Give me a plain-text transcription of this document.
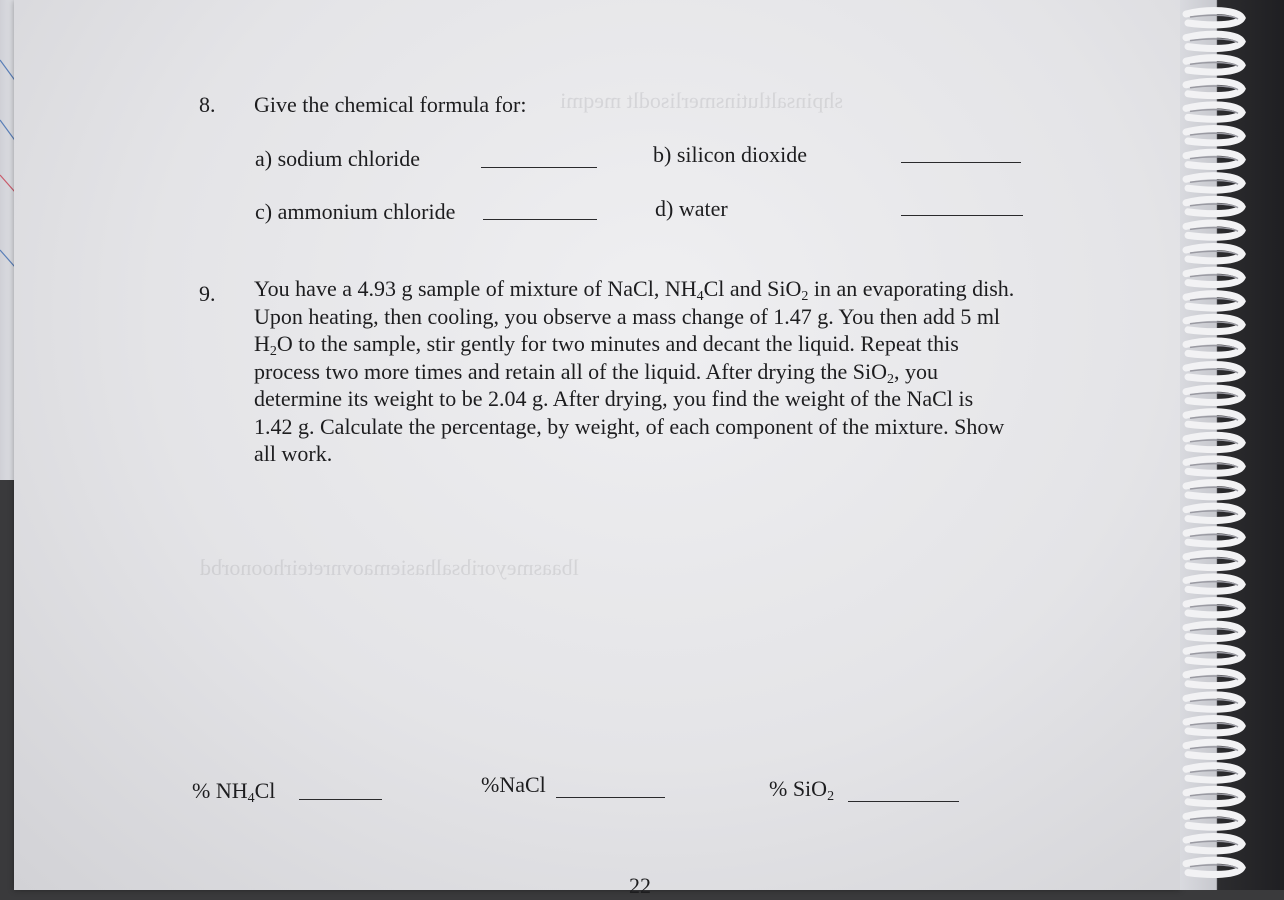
shpinsaltlutinsmerlisodlt meqmi
lbaasmeyoribsalhasiemaovnreteirhoonorbd
8. Give the chemical formula for:
a) sodium chloride	b) silicon dioxide
c) ammonium chloride	d) water
9. You have a 4.93 g sample of mixture of NaCl, $NH_4Cl$ and SiO$_2$ in an evaporating dish.
Upon heating, then cooling, you observe a mass change of 1.47 g. You then add 5 ml
$H_2O$ to the sample, stir gently for two minutes and decant the liquid. Repeat this
process two more times and retain all of the liquid. After drying the SiO$_2$, you
determine its weight to be 2.04 g. After drying, you find the weight of the NaCl is
1.42 g. Calculate the percentage, by weight, of each component of the mixture. Show
all work.
% $NH_4Cl$	%NaCl	% SiO$_2$
22
